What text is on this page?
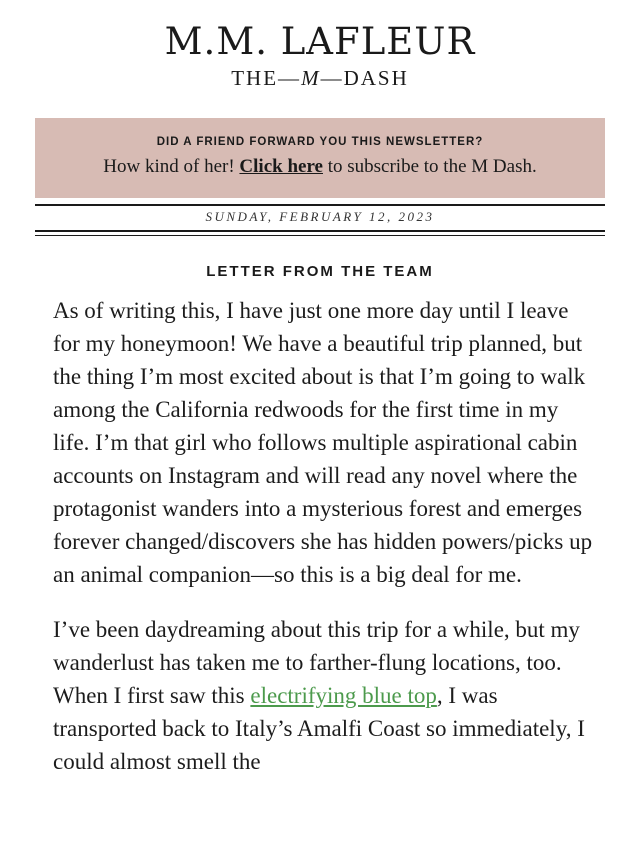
M.M. LAFLEUR
THE—M—DASH
DID A FRIEND FORWARD YOU THIS NEWSLETTER?
How kind of her! Click here to subscribe to the M Dash.
SUNDAY, FEBRUARY 12, 2023
LETTER FROM THE TEAM

As of writing this, I have just one more day until I leave for my honeymoon! We have a beautiful trip planned, but the thing I’m most excited about is that I’m going to walk among the California redwoods for the first time in my life. I’m that girl who follows multiple aspirational cabin accounts on Instagram and will read any novel where the protagonist wanders into a mysterious forest and emerges forever changed/discovers she has hidden powers/picks up an animal companion—so this is a big deal for me.

I’ve been daydreaming about this trip for a while, but my wanderlust has taken me to farther-flung locations, too. When I first saw this electrifying blue top, I was transported back to Italy’s Amalfi Coast so immediately, I could almost smell the
